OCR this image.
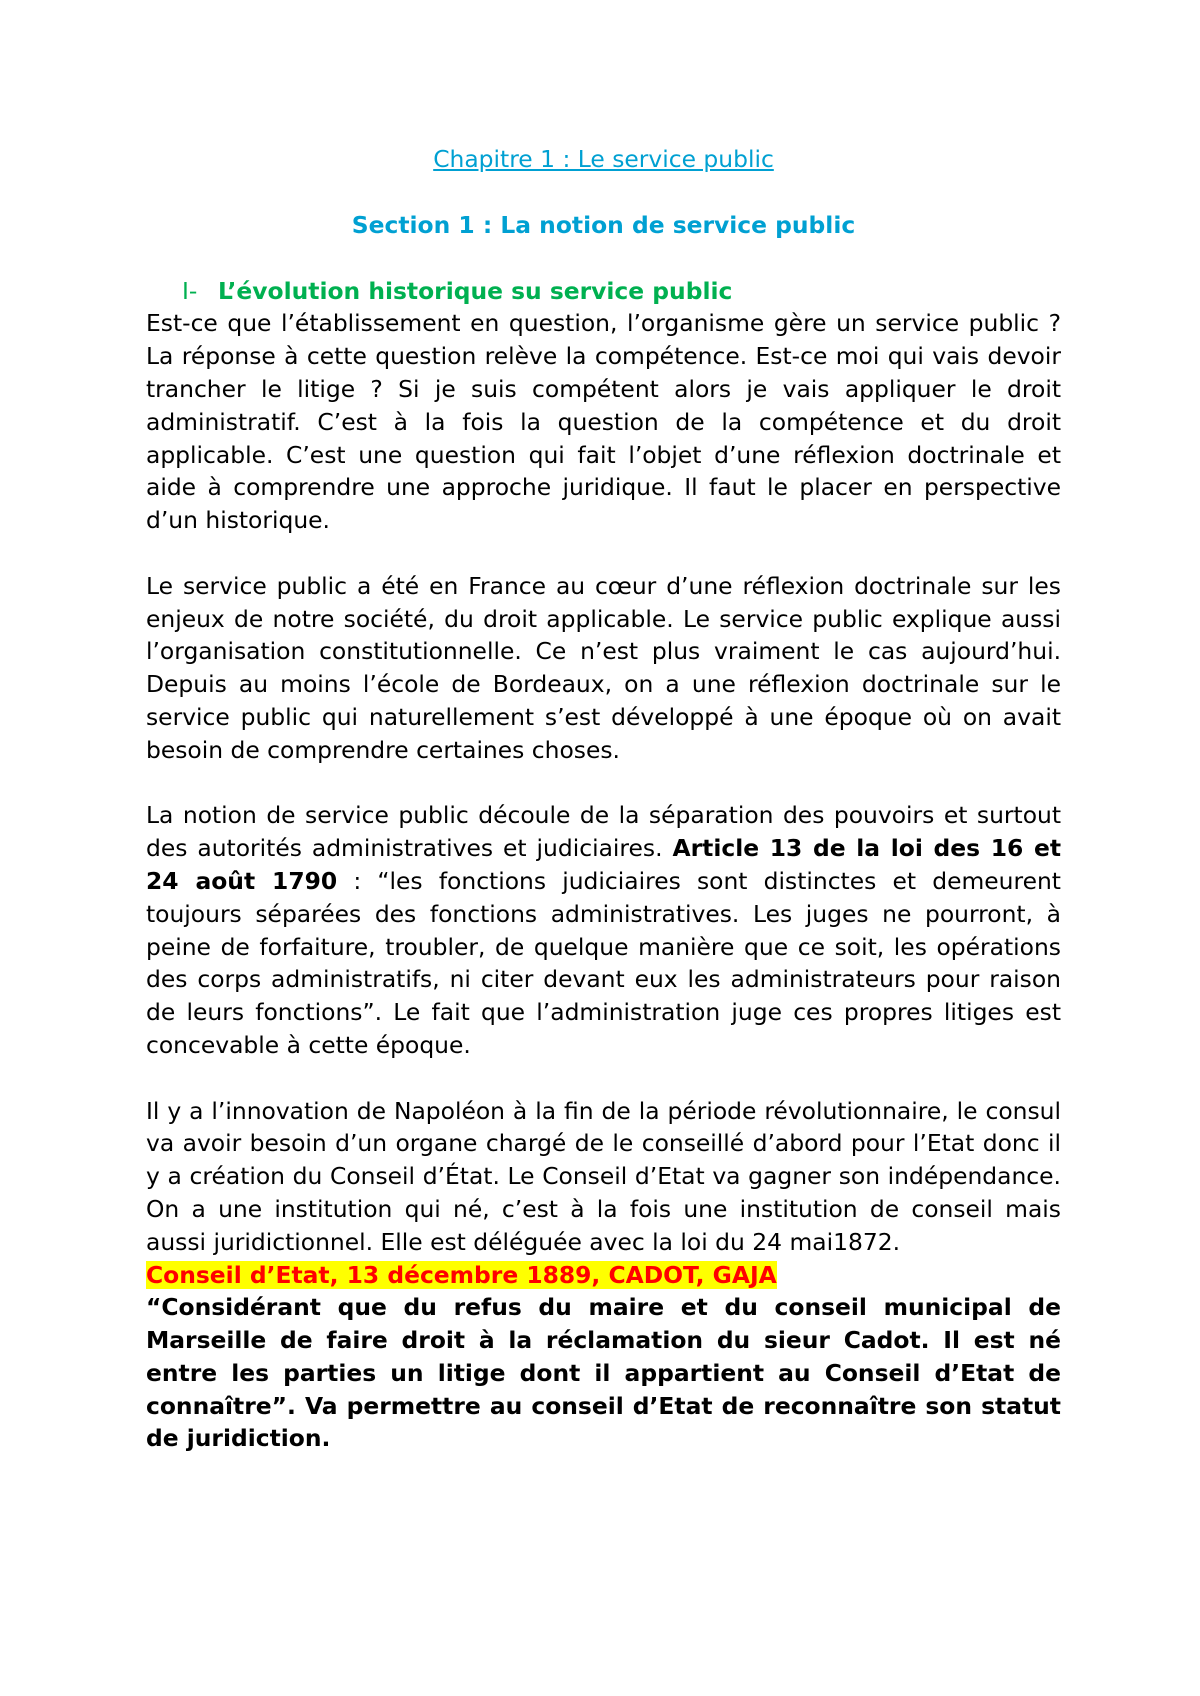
Chapitre 1 : Le service public
Section 1 : La notion de service public
I- L’évolution historique su service public

Est-ce que l’établissement en question, l’organisme gère un service public ? La réponse à cette question relève la compétence. Est-ce moi qui vais devoir trancher le litige ? Si je suis compétent alors je vais appliquer le droit administratif. C’est à la fois la question de la compétence et du droit applicable. C’est une question qui fait l’objet d’une réflexion doctrinale et aide à comprendre une approche juridique. Il faut le placer en perspective d’un historique.

Le service public a été en France au cœur d’une réflexion doctrinale sur les enjeux de notre société, du droit applicable. Le service public explique aussi l’organisation constitutionnelle. Ce n’est plus vraiment le cas aujourd’hui. Depuis au moins l’école de Bordeaux, on a une réflexion doctrinale sur le service public qui naturellement s’est développé à une époque où on avait besoin de comprendre certaines choses.

La notion de service public découle de la séparation des pouvoirs et surtout des autorités administratives et judiciaires. Article 13 de la loi des 16 et 24 août 1790 : “les fonctions judiciaires sont distinctes et demeurent toujours séparées des fonctions administratives. Les juges ne pourront, à peine de forfaiture, troubler, de quelque manière que ce soit, les opérations des corps administratifs, ni citer devant eux les administrateurs pour raison de leurs fonctions”. Le fait que l’administration juge ces propres litiges est concevable à cette époque.

Il y a l’innovation de Napoléon à la fin de la période révolutionnaire, le consul va avoir besoin d’un organe chargé de le conseillé d’abord pour l’Etat donc il y a création du Conseil d’État. Le Conseil d’Etat va gagner son indépendance. On a une institution qui né, c’est à la fois une institution de conseil mais aussi juridictionnel. Elle est déléguée avec la loi du 24 mai1872.

Conseil d’Etat, 13 décembre 1889, CADOT, GAJA

“Considérant que du refus du maire et du conseil municipal de Marseille de faire droit à la réclamation du sieur Cadot. Il est né entre les parties un litige dont il appartient au Conseil d’Etat de connaître”. Va permettre au conseil d’Etat de reconnaître son statut de juridiction.
